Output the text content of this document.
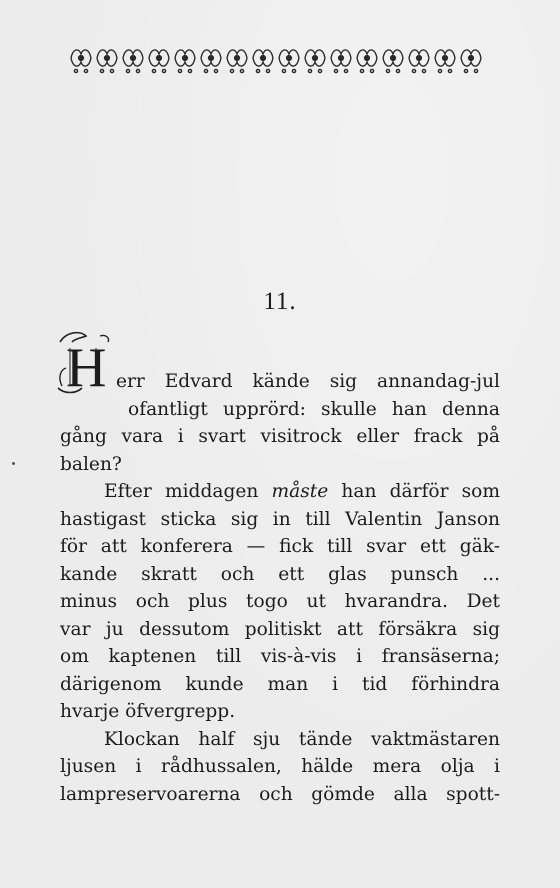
11.
H err Edvard kände sig annandag-jul
ofantligt upprörd: skulle han denna
gång vara i svart visitrock eller frack på
balen?
Efter middagen måste han därför som
hastigast sticka sig in till Valentin Janson
för att konferera — fick till svar ett gäk-
kande skratt och ett glas punsch ...
minus och plus togo ut hvarandra. Det
var ju dessutom politiskt att försäkra sig
om kaptenen till vis-à-vis i fransäserna;
därigenom kunde man i tid förhindra
hvarje öfvergrepp.
Klockan half sju tände vaktmästaren
ljusen i rådhussalen, hälde mera olja i
lampreservoarerna och gömde alla spott-
